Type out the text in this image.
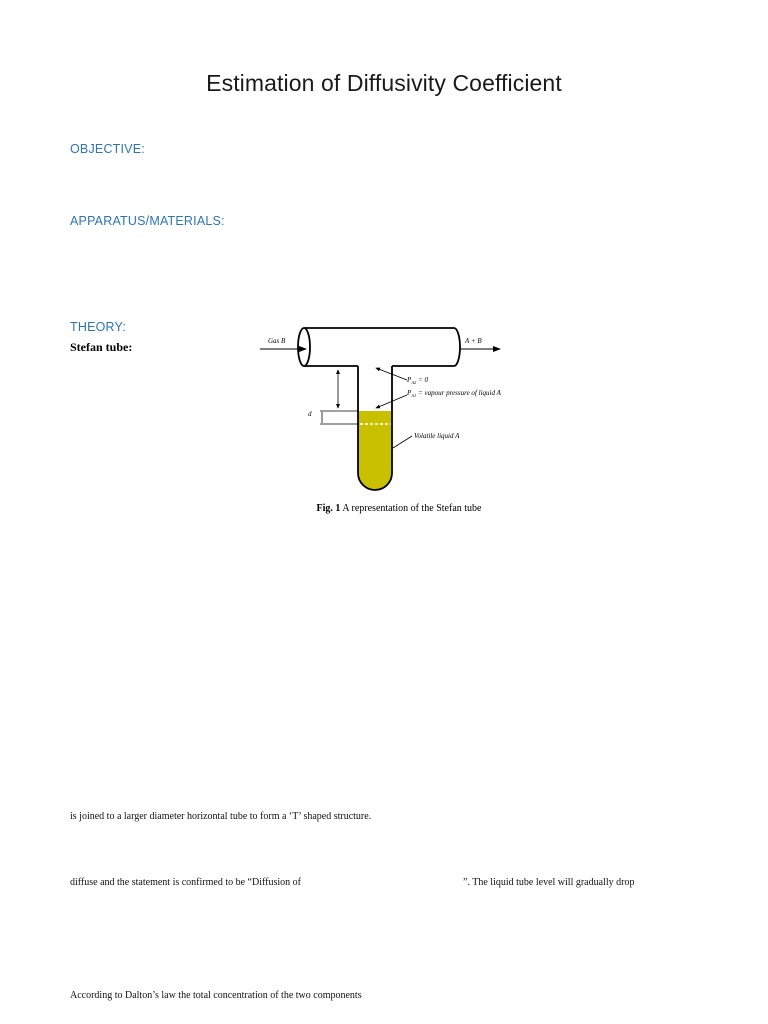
Estimation of Diffusivity Coefficient
OBJECTIVE:
APPARATUS/MATERIALS:
THEORY:
Stefan tube:	Gas B	A + B
d
$P_{A2} = 0$
$P_{A1}$ = vapour pressure of liquid A
Volatile liquid A
Fig. 1 A representation of the Stefan tube
is joined to a larger diameter horizontal tube to form a ‘T’ shaped structure.
diffuse and the statement is confirmed to be “Diffusion of	”. The liquid tube level will gradually drop
According to Dalton’s law the total concentration of the two components
